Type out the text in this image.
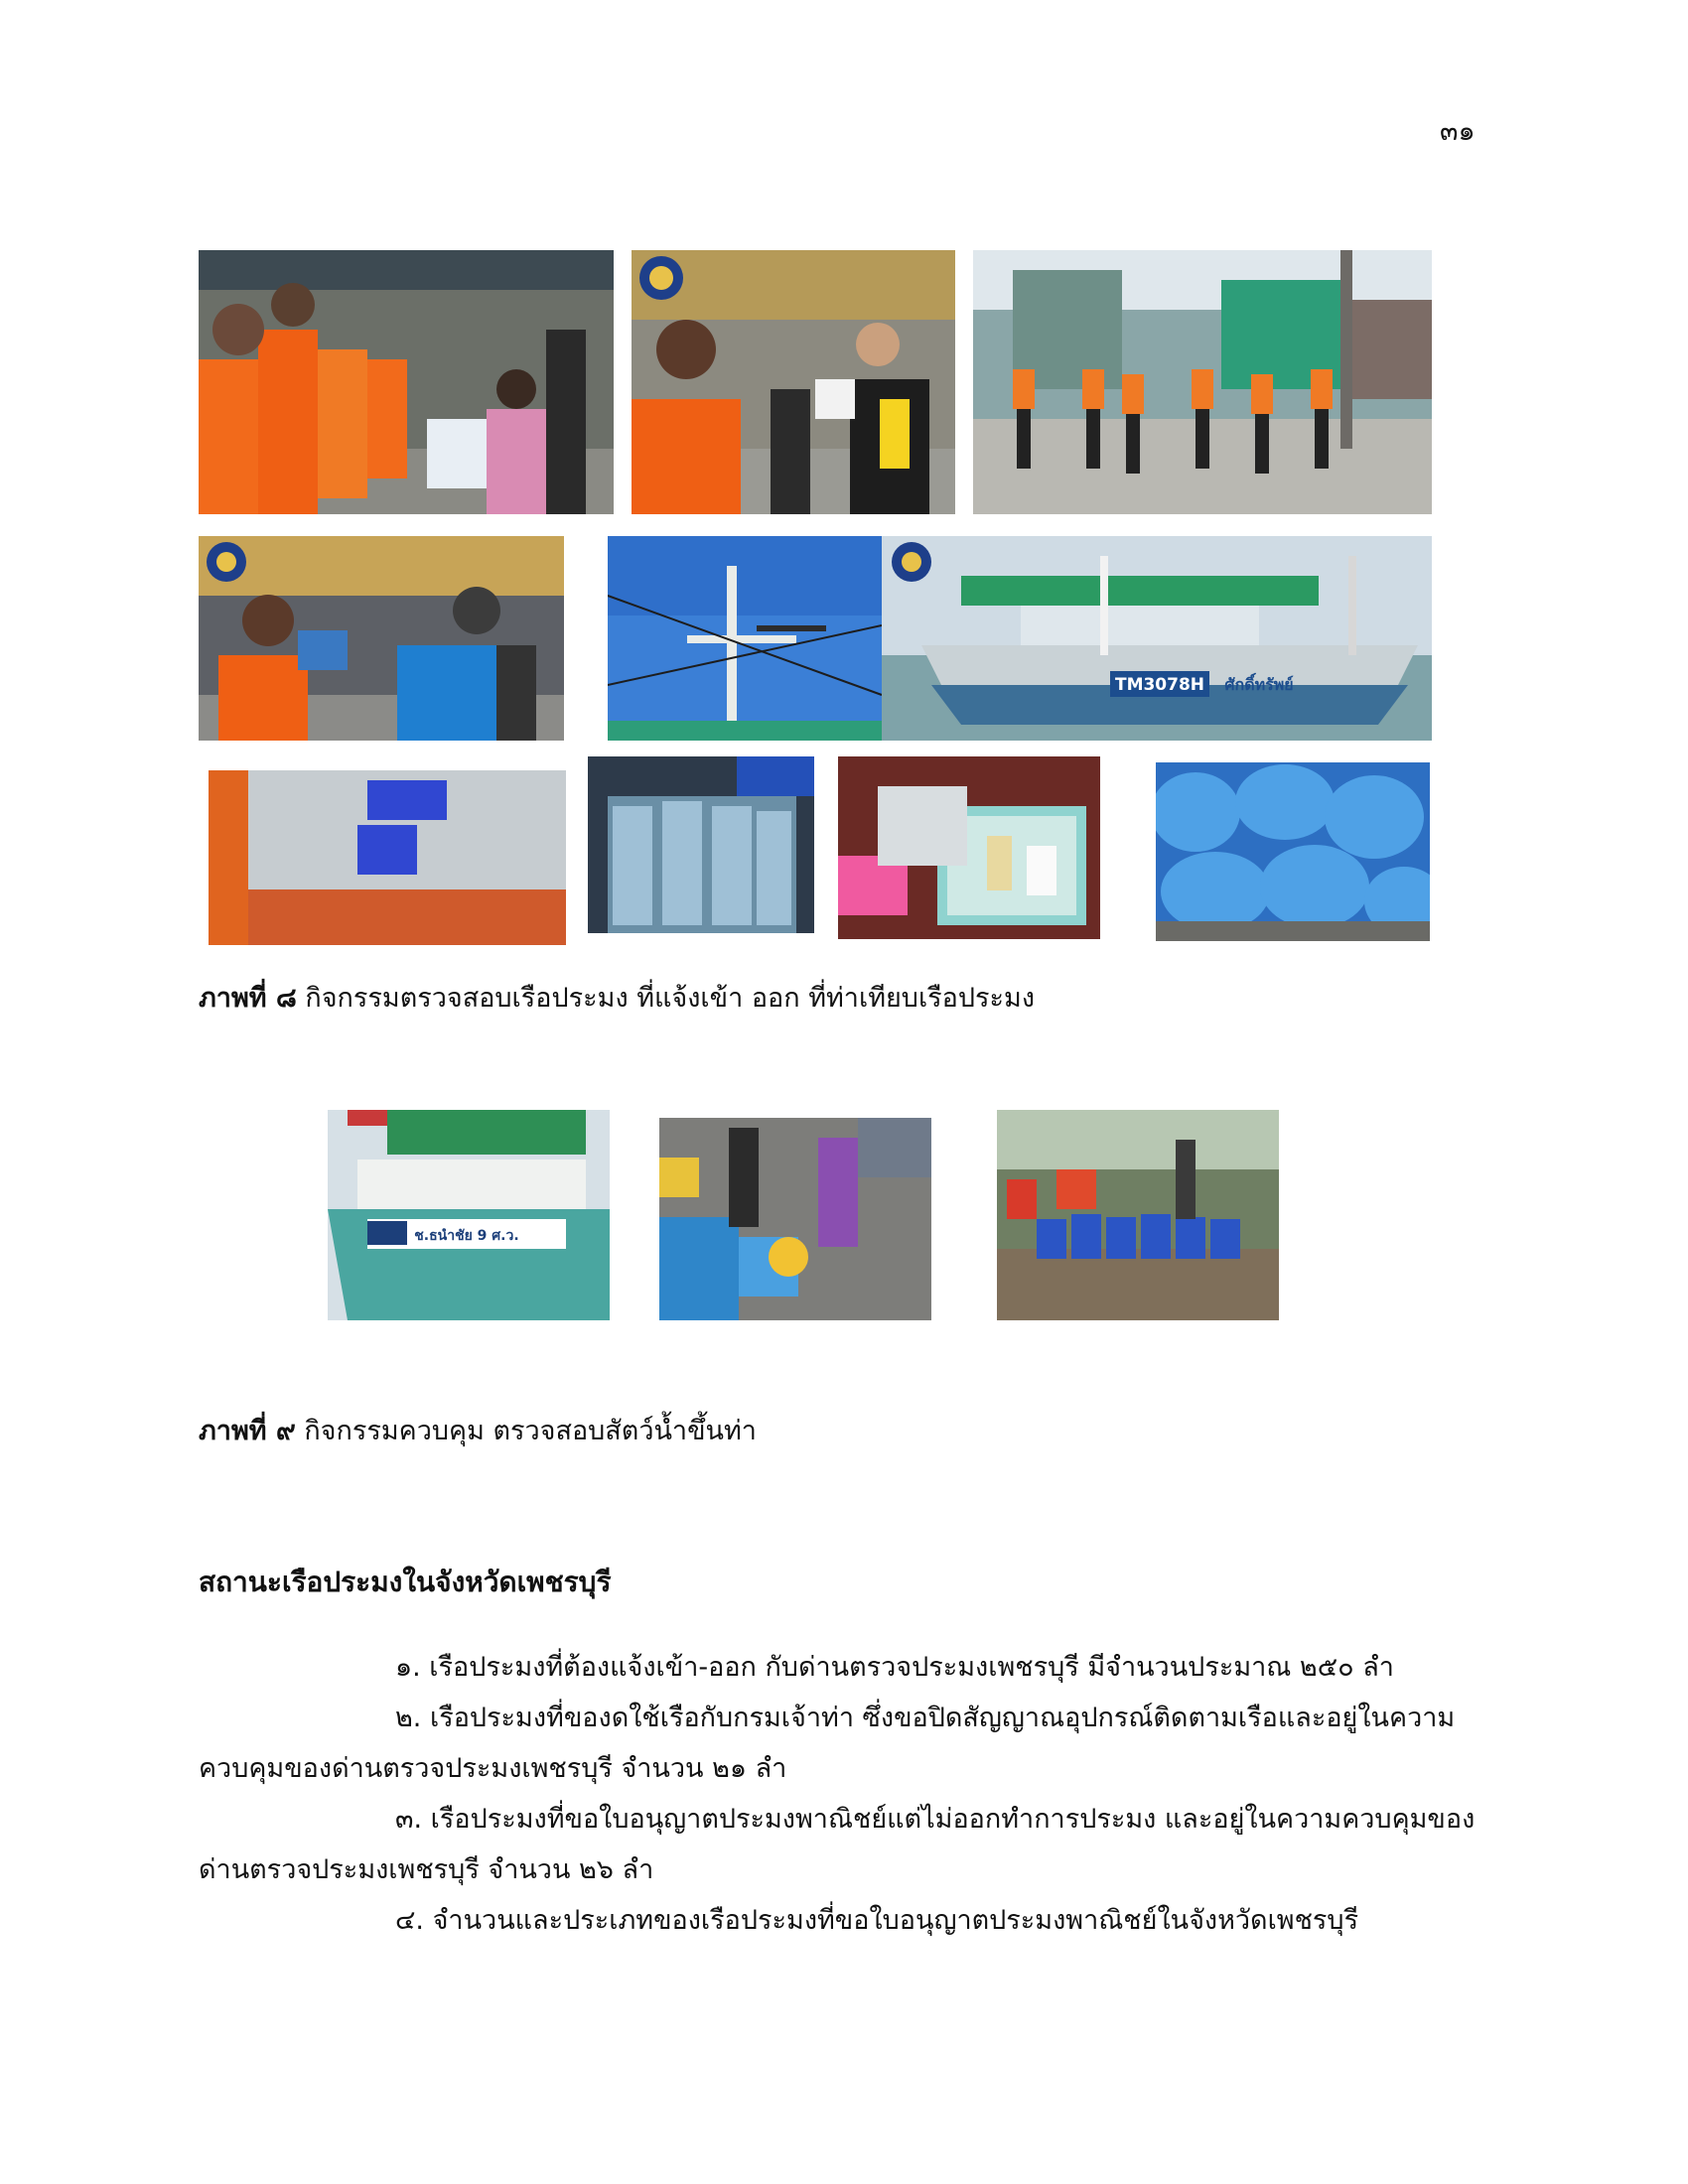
๓๑
TM3078H ศักดิ์ทรัพย์
ภาพที่ ๘ กิจกรรมตรวจสอบเรือประมง ที่แจ้งเข้า ออก ที่ท่าเทียบเรือประมง
ช.ธนำชัย 9 ศ.ว.
ภาพที่ ๙ กิจกรรมควบคุม ตรวจสอบสัตว์น้ำขึ้นท่า
สถานะเรือประมงในจังหวัดเพชรบุรี
๑. เรือประมงที่ต้องแจ้งเข้า-ออก กับด่านตรวจประมงเพชรบุรี มีจำนวนประมาณ ๒๕๐ ลำ
๒. เรือประมงที่ของดใช้เรือกับกรมเจ้าท่า ซึ่งขอปิดสัญญาณอุปกรณ์ติดตามเรือและอยู่ในความควบคุมของด่านตรวจประมงเพชรบุรี จำนวน ๒๑ ลำ
๓. เรือประมงที่ขอใบอนุญาตประมงพาณิชย์แต่ไม่ออกทำการประมง และอยู่ในความควบคุมของด่านตรวจประมงเพชรบุรี จำนวน ๒๖ ลำ
๔. จำนวนและประเภทของเรือประมงที่ขอใบอนุญาตประมงพาณิชย์ในจังหวัดเพชรบุรี
